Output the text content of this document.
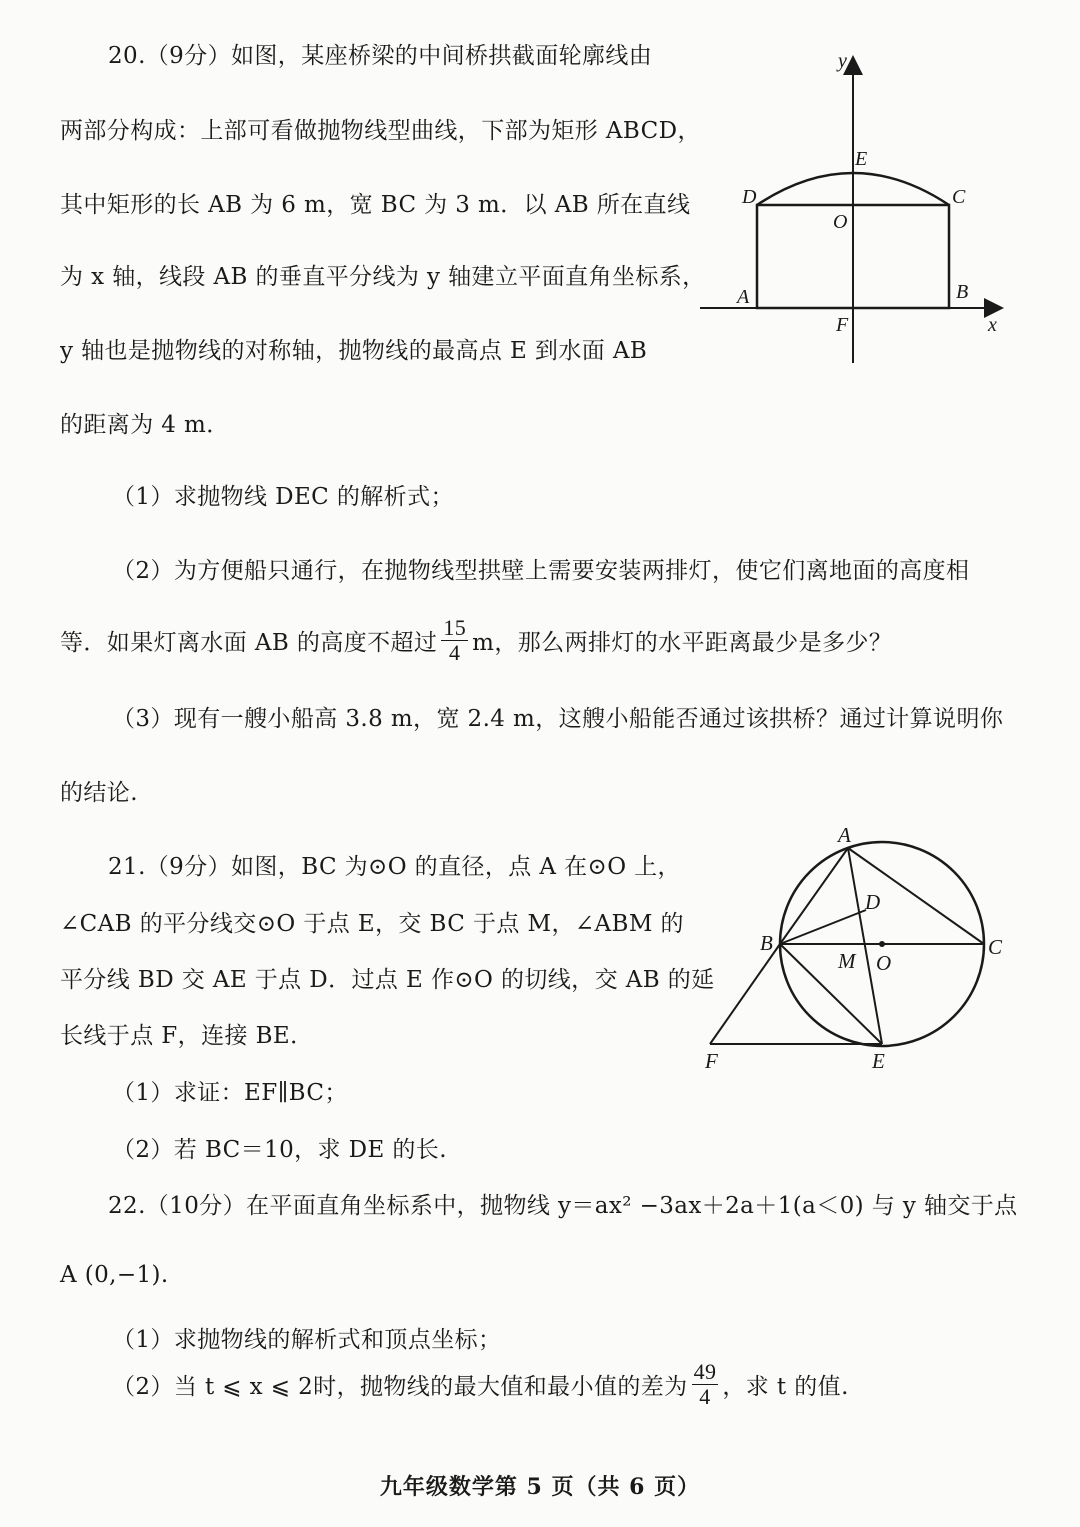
20.（9分）如图，某座桥梁的中间桥拱截面轮廓线由
两部分构成：上部可看做抛物线型曲线，下部为矩形 ABCD，
其中矩形的长 AB 为 6 m，宽 BC 为 3 m．以 AB 所在直线
为 x 轴，线段 AB 的垂直平分线为 y 轴建立平面直角坐标系，
y 轴也是抛物线的对称轴，抛物线的最高点 E 到水面 AB
的距离为 4 m．
y
x
E
D	C
O
A	B
F
（1）求抛物线 DEC 的解析式；
（2）为方便船只通行，在抛物线型拱壁上需要安装两排灯，使它们离地面的高度相
等．如果灯离水面 AB 的高度不超过 $\frac{15}{4}$ m，那么两排灯的水平距离最少是多少？
（3）现有一艘小船高 3.8 m，宽 2.4 m，这艘小船能否通过该拱桥？通过计算说明你
的结论.
21.（9分）如图，BC 为⊙O 的直径，点 A 在⊙O 上，
∠CAB 的平分线交⊙O 于点 E，交 BC 于点 M，∠ABM 的
平分线 BD 交 AE 于点 D．过点 E 作⊙O 的切线，交 AB 的延
长线于点 F，连接 BE．
A
B	C
D
M O
E
F
（1）求证：EF∥BC；
（2）若 BC＝10，求 DE 的长.
22.（10分）在平面直角坐标系中，抛物线 y＝ax² −3ax＋2a＋1(a＜0) 与 y 轴交于点
A (0,−1).
（1）求抛物线的解析式和顶点坐标；
（2）当 t ⩽ x ⩽ 2时，抛物线的最大值和最小值的差为 $\frac{49}{4}$ ，求 t 的值.
九年级数学第 5 页（共 6 页）
